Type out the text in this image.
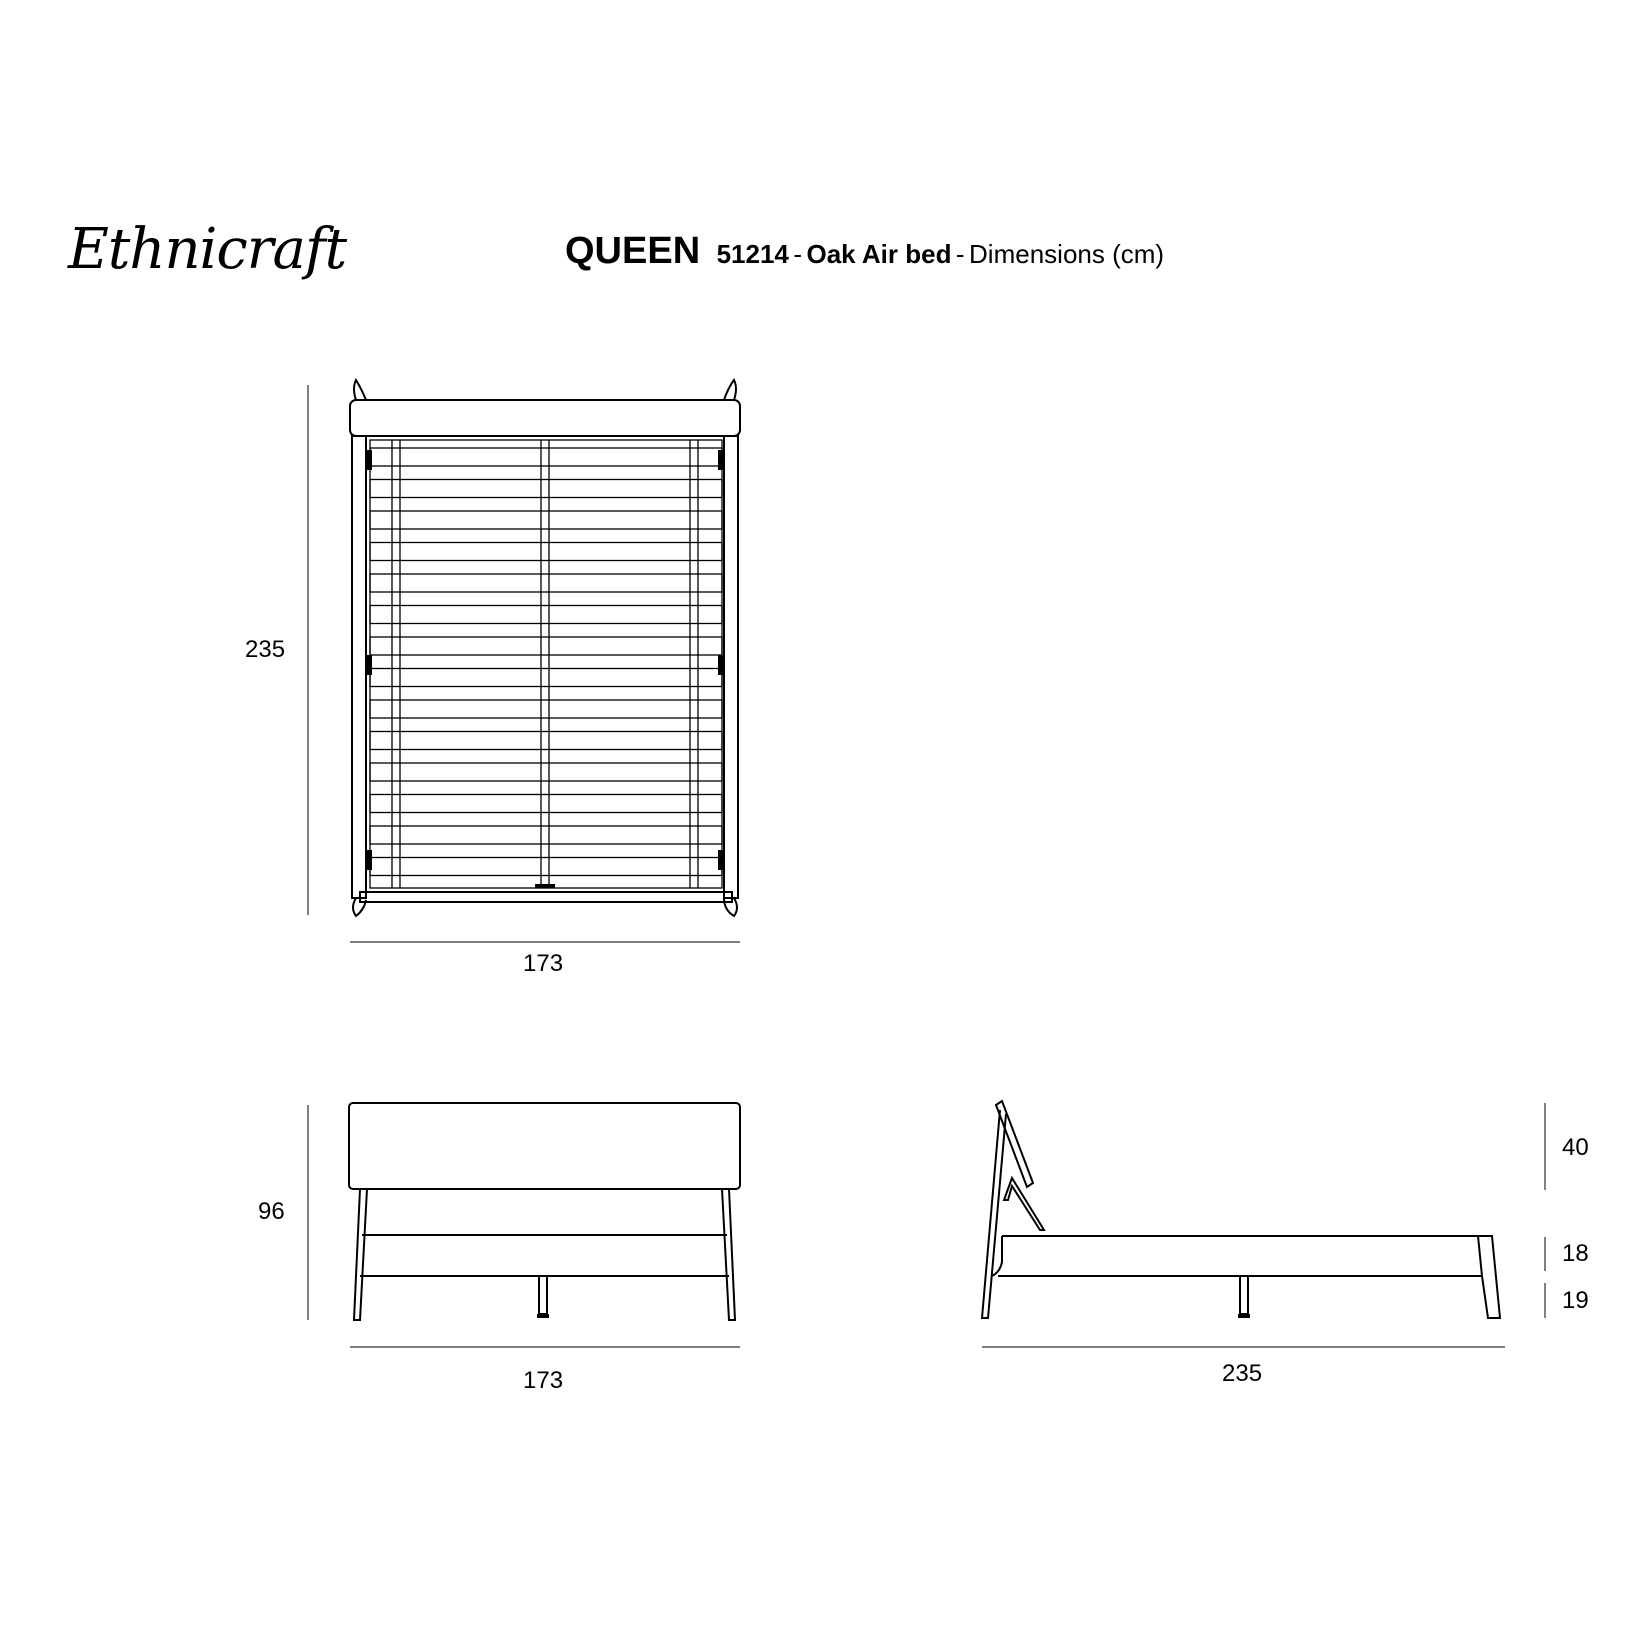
Ethnicraft	QUEEN 51214 - Oak Air bed - Dimensions (cm)
235
173
96
173
40
18
19
235
